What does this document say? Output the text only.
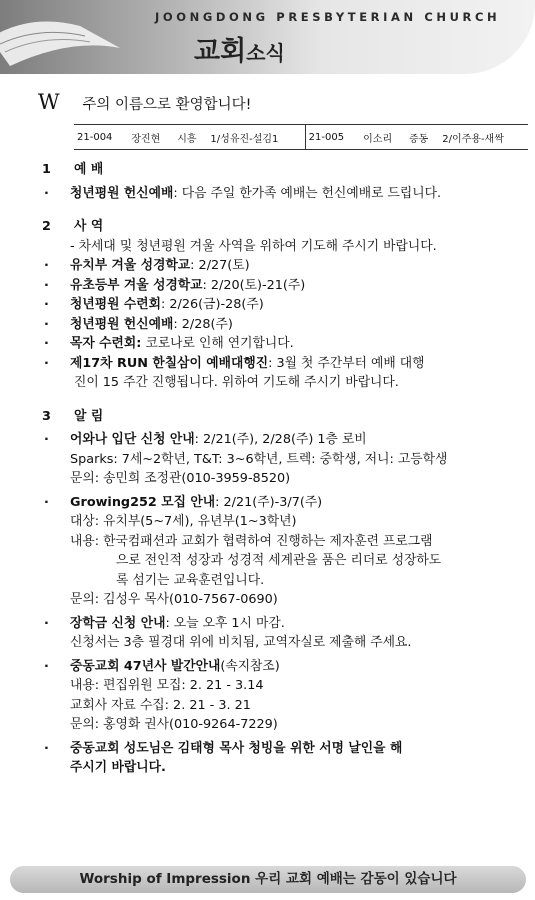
JOONGDONG PRESBYTERIAN CHURCH
교회소식
W 주의 이름으로 환영합니다!
21-004	장진현	시흥	1/성유진-설김1	21-005	이소리	증동	2/이주용-새싹
1 예 배
· 청년평원 헌신예배: 다음 주일 한가족 예배는 헌신예배로 드립니다.
2 사 역
- 차세대 및 청년평원 겨울 사역을 위하여 기도해 주시기 바랍니다.
· 유치부 겨울 성경학교: 2/27(토)
· 유초등부 겨울 성경학교: 2/20(토)-21(주)
· 청년평원 수련회: 2/26(금)-28(주)
· 청년평원 헌신예배: 2/28(주)
· 목자 수련회: 코로나로 인해 연기합니다.
· 제17차 RUN 한칠삼이 예배대행진: 3월 첫 주간부터 예배 대행
진이 15 주간 진행됩니다. 위하여 기도해 주시기 바랍니다.
3 알 림
· 어와나 입단 신청 안내: 2/21(주), 2/28(주) 1층 로비
Sparks: 7세~2학년, T&T: 3~6학년, 트렉: 중학생, 저니: 고등학생
문의: 송민희 조정관(010-3959-8520)
· Growing252 모집 안내: 2/21(주)-3/7(주)
대상: 유치부(5~7세), 유년부(1~3학년)
내용: 한국컴패션과 교회가 협력하여 진행하는 제자훈련 프로그램
으로 전인적 성장과 성경적 세계관을 품은 리더로 성장하도
록 섬기는 교육훈련입니다.
문의: 김성우 목사(010-7567-0690)
· 장학금 신청 안내: 오늘 오후 1시 마감.
신청서는 3층 필경대 위에 비치됨, 교역자실로 제출해 주세요.
· 중동교회 47년사 발간안내(속지참조)
내용: 편집위원 모집: 2. 21 - 3.14
교회사 자료 수집: 2. 21 - 3. 21
문의: 홍영화 권사(010-9264-7229)
· 중동교회 성도님은 김태형 목사 청빙을 위한 서명 날인을 해
주시기 바랍니다.
Worship of Impression 우리 교회 예배는 감동이 있습니다
